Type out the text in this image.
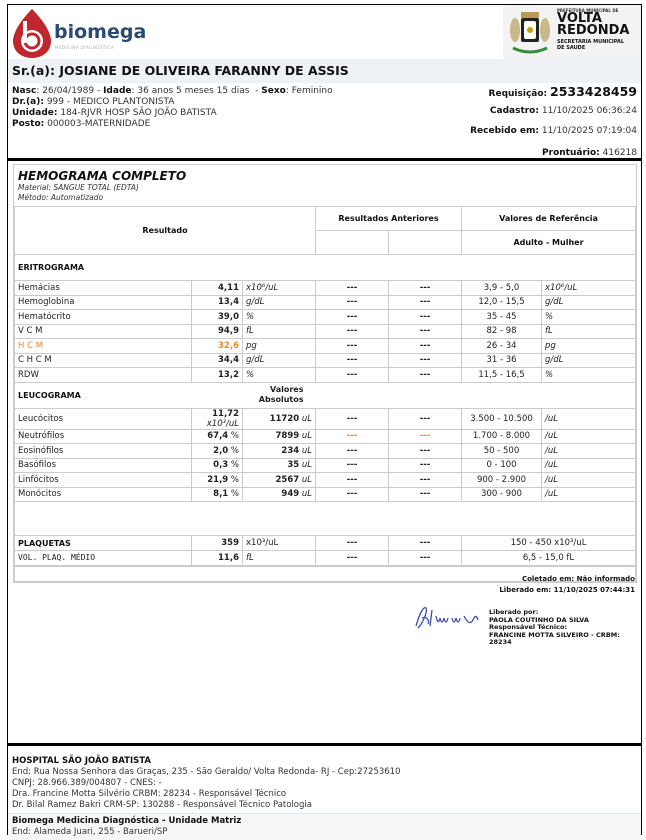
biomega
MEDICINA DIAGNÓSTICA
PREFEITURA MUNICIPAL DE
VOLTA
REDONDA
SECRETARIA MUNICIPAL
DE SAUDE
Sr.(a): JOSIANE DE OLIVEIRA FARANNY DE ASSIS
Nasc: 26/04/1989 - Idade: 36 anos 5 meses 15 dias  - Sexo: Feminino
Dr.(a): 999 - MEDICO PLANTONISTA
Unidade: 184-RJVR HOSP SÃO JOÃO BATISTA
Posto: 000003-MATERNIDADE
Requisição: 2533428459
Cadastro: 11/10/2025 06:36:24
Recebido em: 11/10/2025 07:19:04
Prontuário: 416218
HEMOGRAMA COMPLETO
Material: SANGUE TOTAL (EDTA)
Método: Automatizado
Resultado			Resultados Anteriores		Valores de Referência	
					Adulto - Mulher	
ERITROGRAMA						
Hemácias	4,11	x10⁶/uL	---	---	3,9 - 5,0	x10⁶/uL
Hemoglobina	13,4	g/dL	---	---	12,0 - 15,5	g/dL
Hematócrito	39,0	%	---	---	35 - 45	%
V C M	94,9	fL	---	---	82 - 98	fL
H C M	32,6	pg	---	---	26 - 34	pg
C H C M	34,4	g/dL	---	---	31 - 36	g/dL
RDW	13,2	%	---	---	11,5 - 16,5	%
LEUCOGRAMA	Valores
Absolutos					
Leucócitos	11,72 x10³/uL	11720 uL	---	---	3.500 - 10.500	/uL
Neutrófilos	67,4 %	7899 uL	---	---	1.700 - 8.000	/uL
Eosinófilos	2,0 %	234 uL	---	---	50 - 500	/uL
Basófilos	0,3 %	35 uL	---	---	0 - 100	/uL
Linfócitos	21,9 %	2567 uL	---	---	900 - 2.900	/uL
Monócitos	8,1 %	949 uL	---	---	300 - 900	/uL

PLAQUETAS	359	x10³/uL	---	---	150 - 450 x10³/uL	
VOL. PLAQ. MÉDIO	11,6	fL	---	---	6,5 - 15,0 fL	

Coletado em: Não informado
Liberado em: 11/10/2025 07:44:31
Liberado por:
PAOLA COUTINHO DA SILVA
Responsável Técnico:
FRANCINE MOTTA SILVEIRO - CRBM: 28234
HOSPITAL SÃO JOÃO BATISTA
End: Rua Nossa Senhora das Graças, 235 - São Geraldo/ Volta Redonda- RJ - Cep:27253610
CNPJ: 28.966.389/004807 - CNES: -
Dra. Francine Motta Silvério CRBM: 28234 - Responsável Técnico
Dr. Bilal Ramez Bakri CRM-SP: 130288 - Responsável Técnico Patologia
Biomega Medicina Diagnóstica - Unidade Matriz
End: Alameda Juari, 255 - Barueri/SP
